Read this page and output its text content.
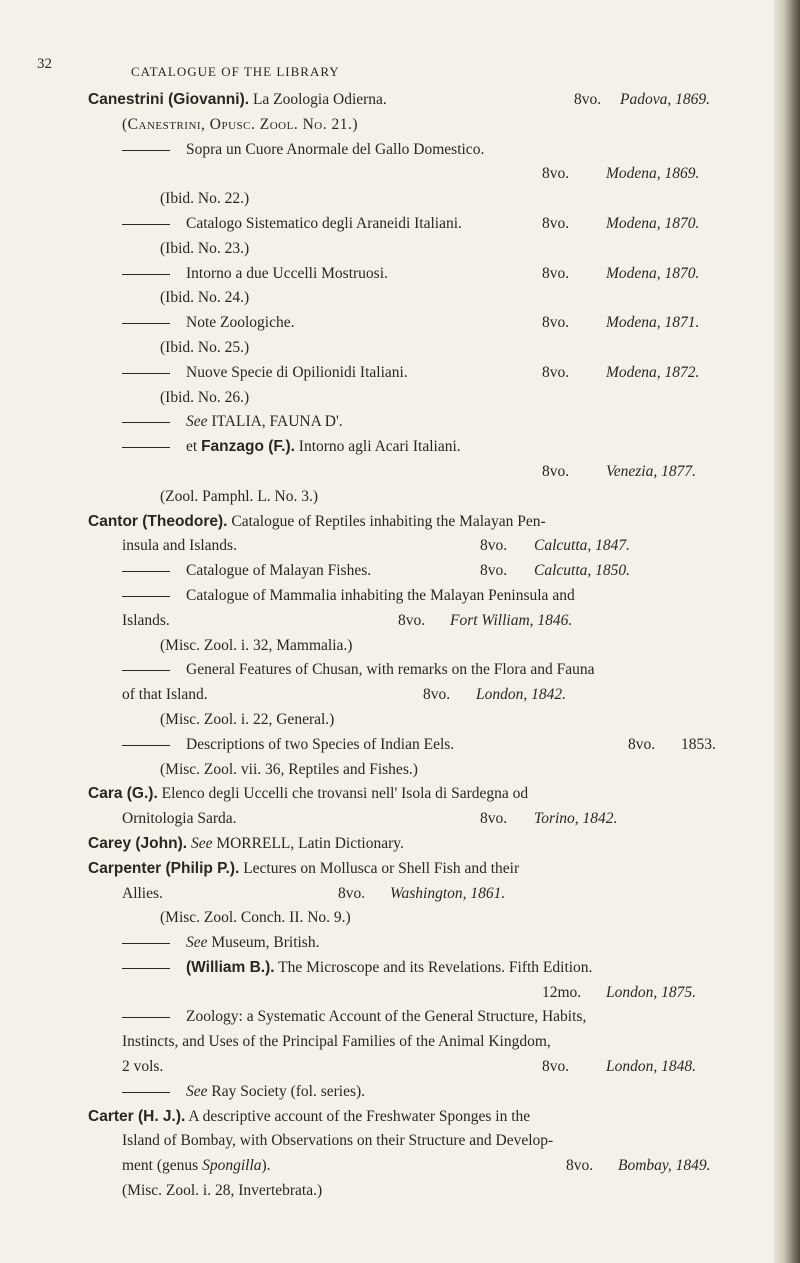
32	CATALOGUE OF THE LIBRARY
Canestrini (Giovanni). La Zoologia Odierna.	8vo. Padova, 1869.
(Canestrini, Opusc. Zool. No. 21.)
Sopra un Cuore Anormale del Gallo Domestico.
8vo. Modena, 1869.
(Ibid. No. 22.)
Catalogo Sistematico degli Araneidi Italiani.	8vo. Modena, 1870.
(Ibid. No. 23.)
Intorno a due Uccelli Mostruosi.	8vo. Modena, 1870.
(Ibid. No. 24.)
Note Zoologiche.	8vo. Modena, 1871.
(Ibid. No. 25.)
Nuove Specie di Opilionidi Italiani.	8vo. Modena, 1872.
(Ibid. No. 26.)
See ITALIA, FAUNA D'.
et Fanzago (F.). Intorno agli Acari Italiani.
8vo. Venezia, 1877.
(Zool. Pamphl. L. No. 3.)
Cantor (Theodore). Catalogue of Reptiles inhabiting the Malayan Pen-
insula and Islands.	8vo. Calcutta, 1847.
Catalogue of Malayan Fishes.	8vo. Calcutta, 1850.
Catalogue of Mammalia inhabiting the Malayan Peninsula and
Islands.	8vo. Fort William, 1846.
(Misc. Zool. i. 32, Mammalia.)
General Features of Chusan, with remarks on the Flora and Fauna
of that Island.	8vo. London, 1842.
(Misc. Zool. i. 22, General.)
Descriptions of two Species of Indian Eels.	8vo. 1853.
(Misc. Zool. vii. 36, Reptiles and Fishes.)
Cara (G.). Elenco degli Uccelli che trovansi nell' Isola di Sardegna od
Ornitologia Sarda.	8vo. Torino, 1842.
Carey (John). See MORRELL, Latin Dictionary.
Carpenter (Philip P.). Lectures on Mollusca or Shell Fish and their
Allies.	8vo. Washington, 1861.
(Misc. Zool. Conch. II. No. 9.)
See Museum, British.
(William B.). The Microscope and its Revelations. Fifth Edition.
12mo. London, 1875.
Zoology: a Systematic Account of the General Structure, Habits,
Instincts, and Uses of the Principal Families of the Animal Kingdom,
2 vols.	8vo. London, 1848.
See Ray Society (fol. series).
Carter (H. J.). A descriptive account of the Freshwater Sponges in the
Island of Bombay, with Observations on their Structure and Develop-
ment (genus Spongilla).	8vo. Bombay, 1849.
(Misc. Zool. i. 28, Invertebrata.)
